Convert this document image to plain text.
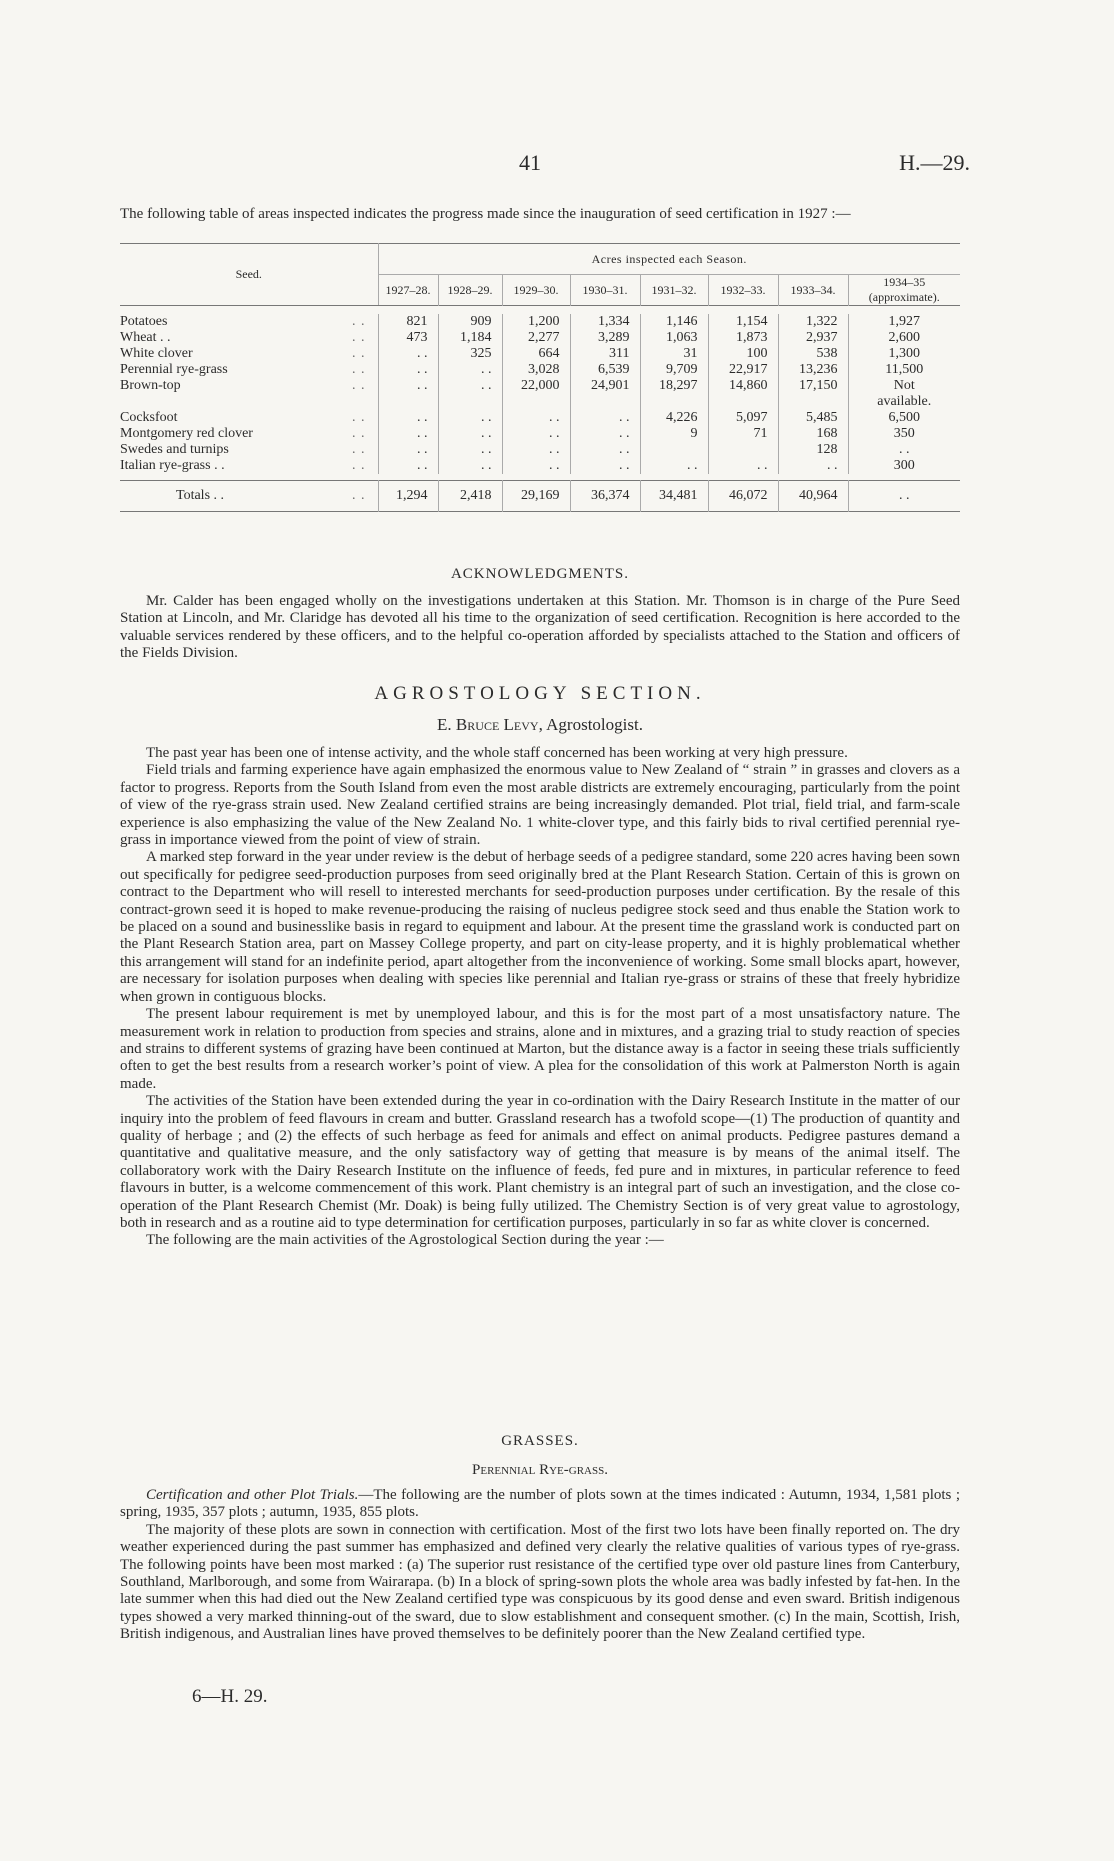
41	H.—29.

The following table of areas inspected indicates the progress made since the inauguration of seed certification in 1927 :—

Seed.	Acres inspected each Season.							
	1927–28.	1928–29.	1929–30.	1930–31.	1931–32.	1932–33.	1933–34.	1934–35 (approximate).

Potatoes . .	821	909	1,200	1,334	1,146	1,154	1,322	1,927
Wheat . . . .	473	1,184	2,277	3,289	1,063	1,873	2,937	2,600
White clover . .	. .	325	664	311	31	100	538	1,300
Perennial rye-grass . .	. .	. .	3,028	6,539	9,709	22,917	13,236	11,500
Brown-top . .	. .	. .	22,000	24,901	18,297	14,860	17,150	Not
								available.
Cocksfoot . .	. .	. .	. .	. .	4,226	5,097	5,485	6,500
Montgomery red clover . .	. .	. .	. .	. .	9	71	168	350
Swedes and turnips . .	. .	. .	. .	. .			128	. .
Italian rye-grass . . . .	. .	. .	. .	. .	. .	. .	. .	300

Totals . . . .	1,294	2,418	29,169	36,374	34,481	46,072	40,964	. .
ACKNOWLEDGMENTS.

Mr. Calder has been engaged wholly on the investigations undertaken at this Station. Mr. Thomson is in charge of the Pure Seed Station at Lincoln, and Mr. Claridge has devoted all his time to the organization of seed certification. Recognition is here accorded to the valuable services rendered by these officers, and to the helpful co-operation afforded by specialists attached to the Station and officers of the Fields Division.

AGROSTOLOGY SECTION.
E. Bruce Levy, Agrostologist.

The past year has been one of intense activity, and the whole staff concerned has been working at very high pressure.

Field trials and farming experience have again emphasized the enormous value to New Zealand of “ strain ” in grasses and clovers as a factor to progress. Reports from the South Island from even the most arable districts are extremely encouraging, particularly from the point of view of the rye-grass strain used. New Zealand certified strains are being increasingly demanded. Plot trial, field trial, and farm-scale experience is also emphasizing the value of the New Zealand No. 1 white-clover type, and this fairly bids to rival certified perennial rye-grass in importance viewed from the point of view of strain.

A marked step forward in the year under review is the debut of herbage seeds of a pedigree standard, some 220 acres having been sown out specifically for pedigree seed-production purposes from seed originally bred at the Plant Research Station. Certain of this is grown on contract to the Department who will resell to interested merchants for seed-production purposes under certification. By the resale of this contract-grown seed it is hoped to make revenue-producing the raising of nucleus pedigree stock seed and thus enable the Station work to be placed on a sound and businesslike basis in regard to equipment and labour. At the present time the grassland work is conducted part on the Plant Research Station area, part on Massey College property, and part on city-lease property, and it is highly problematical whether this arrangement will stand for an indefinite period, apart altogether from the inconvenience of working. Some small blocks apart, however, are necessary for isolation purposes when dealing with species like perennial and Italian rye-grass or strains of these that freely hybridize when grown in contiguous blocks.

The present labour requirement is met by unemployed labour, and this is for the most part of a most unsatisfactory nature. The measurement work in relation to production from species and strains, alone and in mixtures, and a grazing trial to study reaction of species and strains to different systems of grazing have been continued at Marton, but the distance away is a factor in seeing these trials sufficiently often to get the best results from a research worker’s point of view. A plea for the consolidation of this work at Palmerston North is again made.

The activities of the Station have been extended during the year in co-ordination with the Dairy Research Institute in the matter of our inquiry into the problem of feed flavours in cream and butter. Grassland research has a twofold scope—(1) The production of quantity and quality of herbage ; and (2) the effects of such herbage as feed for animals and effect on animal products. Pedigree pastures demand a quantitative and qualitative measure, and the only satisfactory way of getting that measure is by means of the animal itself. The collaboratory work with the Dairy Research Institute on the influence of feeds, fed pure and in mixtures, in particular reference to feed flavours in butter, is a welcome commencement of this work. Plant chemistry is an integral part of such an investigation, and the close co-operation of the Plant Research Chemist (Mr. Doak) is being fully utilized. The Chemistry Section is of very great value to agrostology, both in research and as a routine aid to type determination for certification purposes, particularly in so far as white clover is concerned.

The following are the main activities of the Agrostological Section during the year :—

GRASSES.
Perennial Rye-grass.

Certification and other Plot Trials.—The following are the number of plots sown at the times indicated : Autumn, 1934, 1,581 plots ; spring, 1935, 357 plots ; autumn, 1935, 855 plots.

The majority of these plots are sown in connection with certification. Most of the first two lots have been finally reported on. The dry weather experienced during the past summer has emphasized and defined very clearly the relative qualities of various types of rye-grass. The following points have been most marked : (a) The superior rust resistance of the certified type over old pasture lines from Canterbury, Southland, Marlborough, and some from Wairarapa. (b) In a block of spring-sown plots the whole area was badly infested by fat-hen. In the late summer when this had died out the New Zealand certified type was conspicuous by its good dense and even sward. British indigenous types showed a very marked thinning-out of the sward, due to slow establishment and consequent smother. (c) In the main, Scottish, Irish, British indigenous, and Australian lines have proved themselves to be definitely poorer than the New Zealand certified type.

6—H. 29.
